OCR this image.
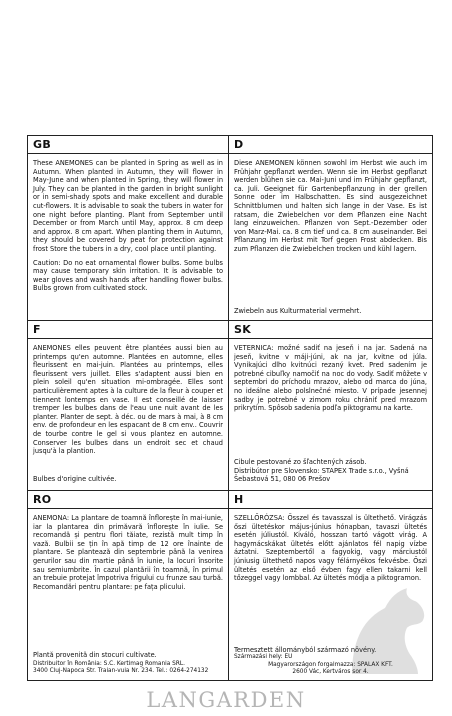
GB

These ANEMONES can be planted in Spring as well as in Autumn. When planted in Autumn, they will flower in May-June and when planted in Spring, they will flower in July. They can be planted in the garden in bright sunlight or in semi-shady spots and make excellent and durable cut-flowers. It is advisable to soak the tubers in water for one night before planting. Plant from September until December or from March until May, approx. 8 cm deep and approx. 8 cm apart. When planting them in Autumn, they should be covered by peat for protection against frost Store the tubers in a dry, cool place until planting.

Caution: Do no eat ornamental flower bulbs. Some bulbs may cause temporary skin irritation. It is advisable to wear gloves and wash hands after handling flower bulbs. Bulbs grown from cultivated stock.

D

Diese ANEMONEN können sowohl im Herbst wie auch im Frühjahr gepflanzt werden. Wenn sie im Herbst gepflanzt werden blühen sie ca. Mai-Juni und im Frühjahr gepflanzt, ca. Juli. Geeignet für Gartenbepflanzung in der grellen Sonne oder im Halbschatten. Es sind ausgezeichnet Schnittblumen und halten sich lange in der Vase. Es ist ratsam, die Zwiebelchen vor dem Pflanzen eine Nacht lang einzuweichen. Pflanzen von Sept.-Dezember oder von Marz-Mai. ca. 8 cm tief und ca. 8 cm auseinander. Bei Pflanzung im Herbst mit Torf gegen Frost abdecken. Bis zum Pflanzen die Zwiebelchen trocken und kühl lagern.

Zwiebeln aus Kulturmaterial vermehrt.
F

ANEMONES elles peuvent être plantées aussi bien au printemps qu'en automne. Plantées en automne, elles fleurissent en mai-juin. Plantées au printemps, elles fleurissent vers juillet. Elles s'adaptent aussi bien en plein soleil qu'en situation mi-ombragée. Elles sont particulièrement aptes à la culture de la fleur à couper et tiennent lontemps en vase. Il est conseillé de laisser tremper les bulbes dans de l'eau une nuit avant de les planter. Planter de sept. à déc. ou de mars à mai, à 8 cm env. de profondeur en les espacant de 8 cm env.. Couvrir de tourbe contre le gel si vous plantez en automne. Conserver les bulbes dans un endroit sec et chaud jusqu'à la plantion.

Bulbes d'origine cultivée.
SK

VETERNICA: možné sadiť na jeseň i na jar. Sadená na jeseň, kvitne v máji-júni, ak na jar, kvitne od júla. Vynikajúci dlho kvitnúci rezaný kvet. Pred sadením je potrebné cibuľky namočiť na noc do vody. Sadiť môžete v septembri do príchodu mrazov, alebo od marca do júna, no ideálne alebo polslnečné miesto. V prípade jesennej sadby je potrebné v zimom roku chrániť pred mrazom prikrytím. Spôsob sadenia podľa piktogramu na karte.

Cibule pestované zo šľachtených zásob.
Distribútor pre Slovensko: STAPEX Trade s.r.o., Vyšná Šebastová 51, 080 06 Prešov
RO

ANEMONA: La plantare de toamnă înflorește în mai-iunie, iar la plantarea din primăvară înflorește în iulie. Se recomandă și pentru flori tăiate, rezistă mult timp în vază. Bulbii se țin în apă timp de 12 ore înainte de plantare. Se plantează din septembrie până la venirea gerurilor sau din martie până în iunie, la locuri însorite sau semiumbrite. În cazul plantării în toamnă, în primul an trebuie protejat împotriva frigului cu frunze sau turbă. Recomandări pentru plantare: pe fața plicului.

Plantă provenită din stocuri cultivate.
Distribuitor în România: S.C. Kertimag Romania SRL.
3400 Cluj-Napoca Str. Traian-vuia Nr. 234. Tel.: 0264-274132
H

SZELLŐRÓZSA: Ősszel és tavasszal is ültethető. Virágzás őszi ültetéskor május-június hónapban, tavaszi ültetés esetén júliustól. Kiváló, hosszan tartó vágott virág. A hagymácskákat ültetés előtt ajánlatos fél napig vízbe áztatni. Szeptembertől a fagyokig, vagy márciustól júniusig ültethető napos vagy félárnyékos fekvésbe. Őszi ültetés esetén az első évben fagy ellen takarni kell tőzeggel vagy lombbal. Az ültetés módja a piktogramon.

Termesztett állományból származó növény.
Származási hely: EU
Magyarországon forgalmazza: SPALAX KFT.
2600 Vác, Kertváros sor 4.
LANGARDEN
